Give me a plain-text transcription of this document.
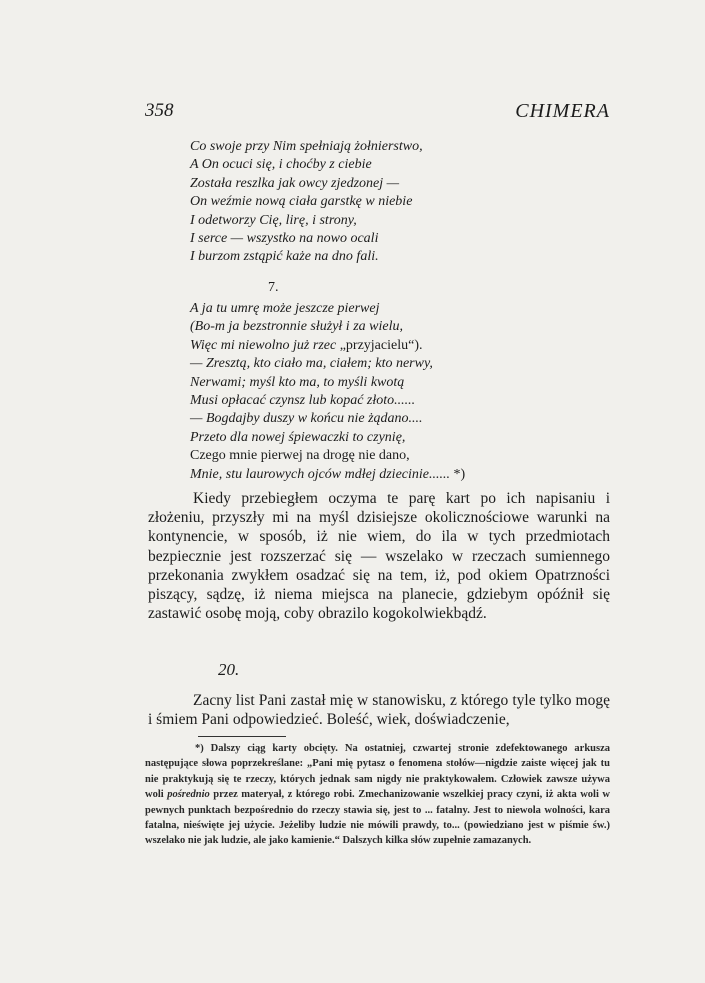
358	CHIMERA
Co swoje przy Nim spełniają żołnierstwo,
A On ocuci się, i choćby z ciebie
Została reszlka jak owcy zjedzonej —
On weźmie nową ciała garstkę w niebie
I odetworzy Cię, lirę, i strony,
I serce — wszystko na nowo ocali
I burzom zstąpić każe na dno fali.
7.
A ja tu umrę może jeszcze pierwej
(Bo-m ja bezstronnie służył i za wielu,
Więc mi niewolno już rzec „przyjacielu“).
— Zresztą, kto ciało ma, ciałem; kto nerwy,
Nerwami; myśl kto ma, to myśli kwotą
Musi opłacać czynsz lub kopać złoto......
— Bogdajby duszy w końcu nie żądano....
Przeto dla nowej śpiewaczki to czynię,
Czego mnie pierwej na drogę nie dano,
Mnie, stu laurowych ojców mdłej dziecinie...... *)

Kiedy przebiegłem oczyma te parę kart po ich napisaniu i złożeniu, przyszły mi na myśl dzisiejsze okolicznościowe warunki na kontynencie, w sposób, iż nie wiem, do ila w tych przedmiotach bezpiecznie jest rozszerzać się — wszelako w rzeczach sumiennego przekonania zwykłem osadzać się na tem, iż, pod okiem Opatrzności piszący, sądzę, iż niema miejsca na planecie, gdziebym opóźnił się zastawić osobę moją, coby obrazilo kogokolwiekbądź.

20.

Zacny list Pani zastał mię w stanowisku, z którego tyle tylko mogę i śmiem Pani odpowiedzieć. Boleść, wiek, doświadczenie,

*) Dalszy ciąg karty obcięty. Na ostatniej, czwartej stronie zdefektowanego arkusza następujące słowa poprzekreślane: „Pani mię pytasz o fenomena stołów—nigdzie zaiste więcej jak tu nie praktykują się te rzeczy, których jednak sam nigdy nie praktykowałem. Człowiek zawsze używa woli pośrednio przez materyał, z którego robi. Zmechanizowanie wszelkiej pracy czyni, iż akta woli w pewnych punktach bezpośrednio do rzeczy stawia się, jest to ... fatalny. Jest to niewola wolności, kara fatalna, nieświęte jej użycie. Jeżeliby ludzie nie mówili prawdy, to... (powiedziano jest w piśmie św.) wszelako nie jak ludzie, ale jako kamienie.“ Dalszych kilka słów zupełnie zamazanych.
